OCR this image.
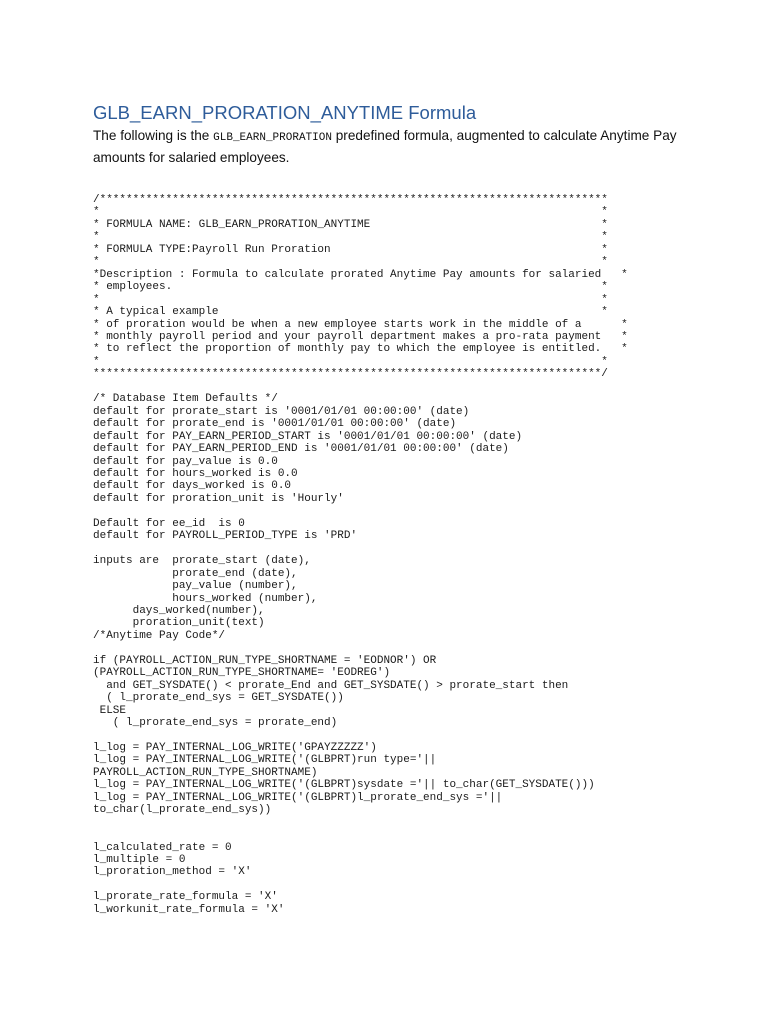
GLB_EARN_PRORATION_ANYTIME Formula

The following is the GLB_EARN_PRORATION predefined formula, augmented to calculate Anytime Pay amounts for salaried employees.

/*****************************************************************************
*                                                                            *
* FORMULA NAME: GLB_EARN_PRORATION_ANYTIME                                   *
*                                                                            *
* FORMULA TYPE:Payroll Run Proration                                         *
*                                                                            *
*Description : Formula to calculate prorated Anytime Pay amounts for salaried   *
* employees.                                                                 *
*                                                                            *
* A typical example                                                          *
* of proration would be when a new employee starts work in the middle of a      *
* monthly payroll period and your payroll department makes a pro-rata payment   *
* to reflect the proportion of monthly pay to which the employee is entitled.   *
*                                                                            *
*****************************************************************************/

/* Database Item Defaults */
default for prorate_start is '0001/01/01 00:00:00' (date)
default for prorate_end is '0001/01/01 00:00:00' (date)
default for PAY_EARN_PERIOD_START is '0001/01/01 00:00:00' (date)
default for PAY_EARN_PERIOD_END is '0001/01/01 00:00:00' (date)
default for pay_value is 0.0
default for hours_worked is 0.0
default for days_worked is 0.0
default for proration_unit is 'Hourly'

Default for ee_id  is 0
default for PAYROLL_PERIOD_TYPE is 'PRD'

inputs are  prorate_start (date),
prorate_end (date),
pay_value (number),
hours_worked (number),
days_worked(number),
proration_unit(text)
/*Anytime Pay Code*/

if (PAYROLL_ACTION_RUN_TYPE_SHORTNAME = 'EODNOR') OR
(PAYROLL_ACTION_RUN_TYPE_SHORTNAME= 'EODREG')
and GET_SYSDATE() < prorate_End and GET_SYSDATE() > prorate_start then
( l_prorate_end_sys = GET_SYSDATE())
ELSE
( l_prorate_end_sys = prorate_end)

l_log = PAY_INTERNAL_LOG_WRITE('GPAYZZZZZ')
l_log = PAY_INTERNAL_LOG_WRITE('(GLBPRT)run type='||
PAYROLL_ACTION_RUN_TYPE_SHORTNAME)
l_log = PAY_INTERNAL_LOG_WRITE('(GLBPRT)sysdate ='|| to_char(GET_SYSDATE()))
l_log = PAY_INTERNAL_LOG_WRITE('(GLBPRT)l_prorate_end_sys ='||
to_char(l_prorate_end_sys))

l_calculated_rate = 0
l_multiple = 0
l_proration_method = 'X'

l_prorate_rate_formula = 'X'
l_workunit_rate_formula = 'X'
